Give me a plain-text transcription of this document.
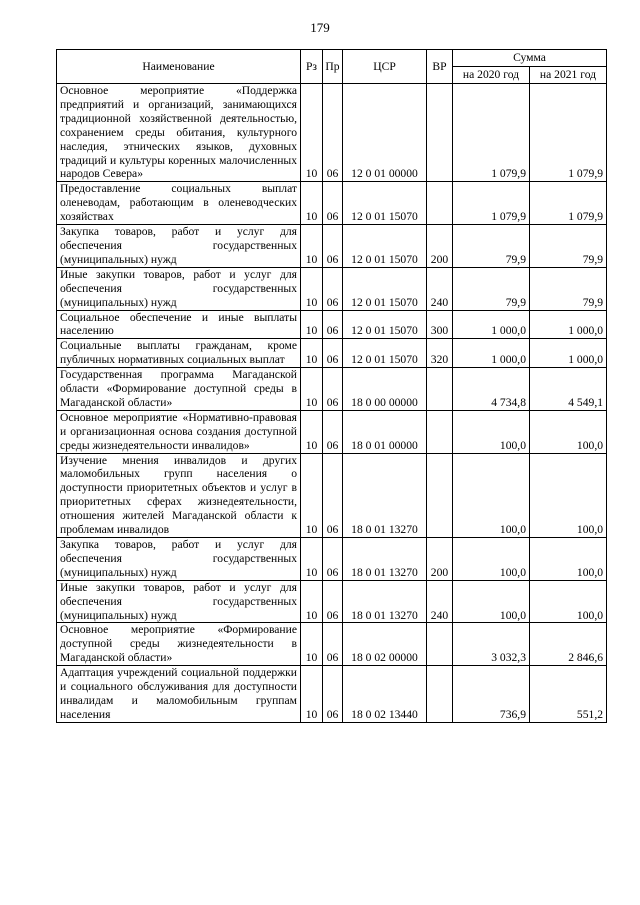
179
Наименование	Рз	Пр	ЦСР	ВР	Сумма	
					на 2020 год	на 2021 год

Основное мероприятие «Поддержка предприятий и организаций, занимающихся традиционной хозяйственной деятельностью, сохранением среды обитания, культурного наследия, этнических языков, духовных традиций и культуры коренных малочисленных народов Севера»	10	06	12 0 01 00000		1 079,9	1 079,9

Предоставление социальных выплат оленеводам, работающим в оленеводческих хозяйствах	10	06	12 0 01 15070		1 079,9	1 079,9

Закупка товаров, работ и услуг для обеспечения государственных (муниципальных) нужд	10	06	12 0 01 15070	200	79,9	79,9

Иные закупки товаров, работ и услуг для обеспечения государственных (муниципальных) нужд	10	06	12 0 01 15070	240	79,9	79,9

Социальное обеспечение и иные выплаты населению	10	06	12 0 01 15070	300	1 000,0	1 000,0

Социальные выплаты гражданам, кроме публичных нормативных социальных выплат	10	06	12 0 01 15070	320	1 000,0	1 000,0

Государственная программа Магаданской области «Формирование доступной среды в Магаданской области»	10	06	18 0 00 00000		4 734,8	4 549,1

Основное мероприятие «Нормативно-правовая и организационная основа создания доступной среды жизнедеятельности инвалидов»	10	06	18 0 01 00000		100,0	100,0

Изучение мнения инвалидов и других маломобильных групп населения о доступности приоритетных объектов и услуг в приоритетных сферах жизнедеятельности, отношения жителей Магаданской области к проблемам инвалидов	10	06	18 0 01 13270		100,0	100,0

Закупка товаров, работ и услуг для обеспечения государственных (муниципальных) нужд	10	06	18 0 01 13270	200	100,0	100,0

Иные закупки товаров, работ и услуг для обеспечения государственных (муниципальных) нужд	10	06	18 0 01 13270	240	100,0	100,0

Основное мероприятие «Формирование доступной среды жизнедеятельности в Магаданской области»	10	06	18 0 02 00000		3 032,3	2 846,6

Адаптация учреждений социальной поддержки и социального обслуживания для доступности инвалидам и маломобильным группам населения	10	06	18 0 02 13440		736,9	551,2
